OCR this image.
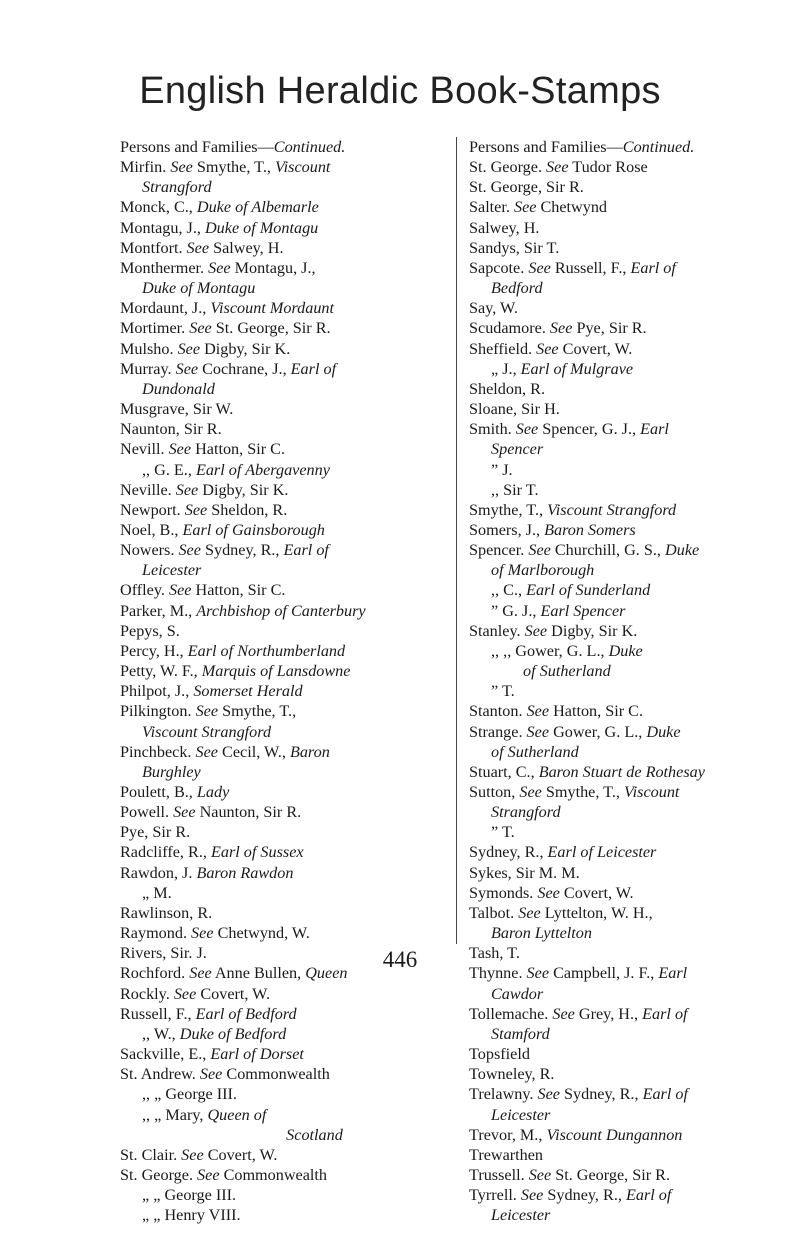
English Heraldic Book-Stamps
Persons and Families—Continued.
Mirfin. See Smythe, T., Viscount
Strangford
Monck, C., Duke of Albemarle
Montagu, J., Duke of Montagu
Montfort. See Salwey, H.
Monthermer. See Montagu, J.,
Duke of Montagu
Mordaunt, J., Viscount Mordaunt
Mortimer. See St. George, Sir R.
Mulsho. See Digby, Sir K.
Murray. See Cochrane, J., Earl of
Dundonald
Musgrave, Sir W.
Naunton, Sir R.
Nevill. See Hatton, Sir C.
,, G. E., Earl of Abergavenny
Neville. See Digby, Sir K.
Newport. See Sheldon, R.
Noel, B., Earl of Gainsborough
Nowers. See Sydney, R., Earl of
Leicester
Offley. See Hatton, Sir C.
Parker, M., Archbishop of Canterbury
Pepys, S.
Percy, H., Earl of Northumberland
Petty, W. F., Marquis of Lansdowne
Philpot, J., Somerset Herald
Pilkington. See Smythe, T.,
Viscount Strangford
Pinchbeck. See Cecil, W., Baron
Burghley
Poulett, B., Lady
Powell. See Naunton, Sir R.
Pye, Sir R.
Radcliffe, R., Earl of Sussex
Rawdon, J. Baron Rawdon
„ M.
Rawlinson, R.
Raymond. See Chetwynd, W.
Rivers, Sir. J.
Rochford. See Anne Bullen, Queen
Rockly. See Covert, W.
Russell, F., Earl of Bedford
,, W., Duke of Bedford
Sackville, E., Earl of Dorset
St. Andrew. See Commonwealth
,, „ George III.
,, „ Mary, Queen of
Scotland
St. Clair. See Covert, W.
St. George. See Commonwealth
„ „ George III.
„ „ Henry VIII.
Persons and Families—Continued.
St. George. See Tudor Rose
St. George, Sir R.
Salter. See Chetwynd
Salwey, H.
Sandys, Sir T.
Sapcote. See Russell, F., Earl of
Bedford
Say, W.
Scudamore. See Pye, Sir R.
Sheffield. See Covert, W.
„ J., Earl of Mulgrave
Sheldon, R.
Sloane, Sir H.
Smith. See Spencer, G. J., Earl
Spencer
” J.
,, Sir T.
Smythe, T., Viscount Strangford
Somers, J., Baron Somers
Spencer. See Churchill, G. S., Duke
of Marlborough
,, C., Earl of Sunderland
” G. J., Earl Spencer
Stanley. See Digby, Sir K.
,, ,, Gower, G. L., Duke
of Sutherland
” T.
Stanton. See Hatton, Sir C.
Strange. See Gower, G. L., Duke
of Sutherland
Stuart, C., Baron Stuart de Rothesay
Sutton, See Smythe, T., Viscount
Strangford
” T.
Sydney, R., Earl of Leicester
Sykes, Sir M. M.
Symonds. See Covert, W.
Talbot. See Lyttelton, W. H.,
Baron Lyttelton
Tash, T.
Thynne. See Campbell, J. F., Earl
Cawdor
Tollemache. See Grey, H., Earl of
Stamford
Topsfield
Towneley, R.
Trelawny. See Sydney, R., Earl of
Leicester
Trevor, M., Viscount Dungannon
Trewarthen
Trussell. See St. George, Sir R.
Tyrrell. See Sydney, R., Earl of
Leicester
446
